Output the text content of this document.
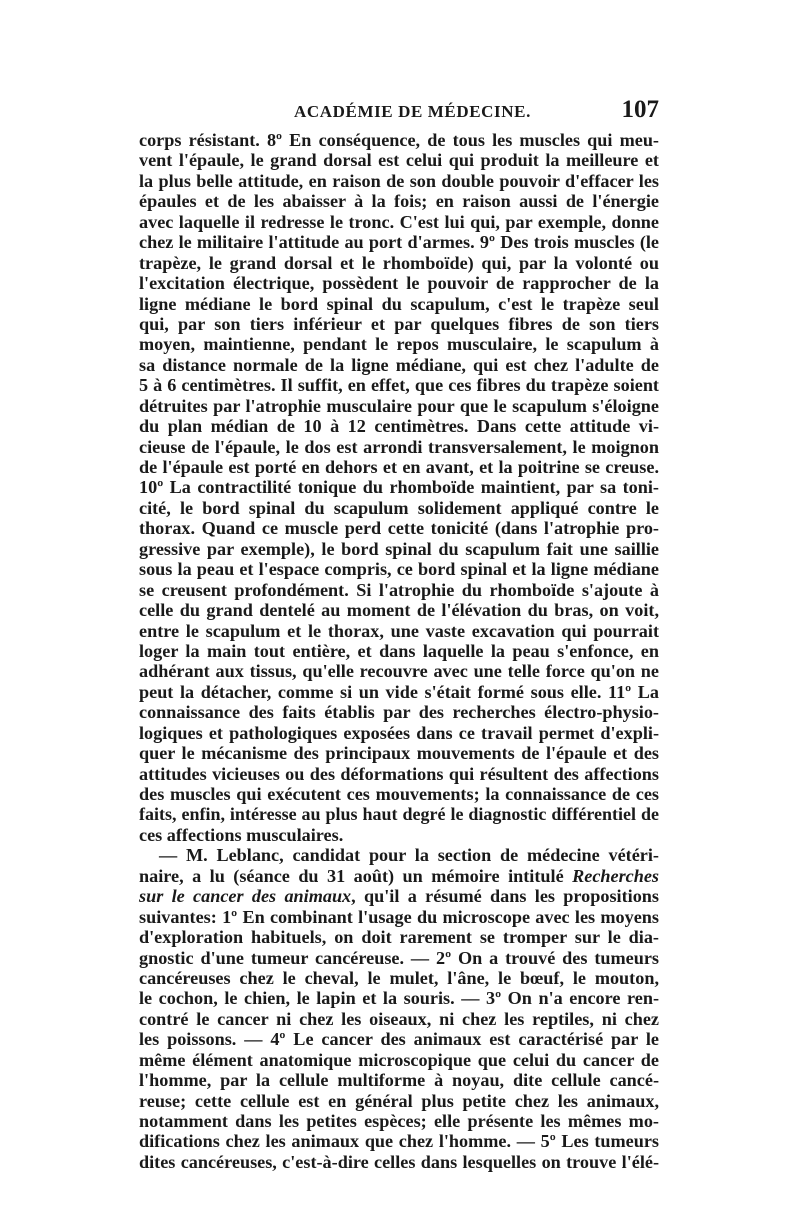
ACADÉMIE DE MÉDECINE.	107
corps résistant. 8º En conséquence, de tous les muscles qui meu-
vent l'épaule, le grand dorsal est celui qui produit la meilleure et
la plus belle attitude, en raison de son double pouvoir d'effacer les
épaules et de les abaisser à la fois; en raison aussi de l'énergie
avec laquelle il redresse le tronc. C'est lui qui, par exemple, donne
chez le militaire l'attitude au port d'armes. 9º Des trois muscles (le
trapèze, le grand dorsal et le rhomboïde) qui, par la volonté ou
l'excitation électrique, possèdent le pouvoir de rapprocher de la
ligne médiane le bord spinal du scapulum, c'est le trapèze seul
qui, par son tiers inférieur et par quelques fibres de son tiers
moyen, maintienne, pendant le repos musculaire, le scapulum à
sa distance normale de la ligne médiane, qui est chez l'adulte de
5 à 6 centimètres. Il suffit, en effet, que ces fibres du trapèze soient
détruites par l'atrophie musculaire pour que le scapulum s'éloigne
du plan médian de 10 à 12 centimètres. Dans cette attitude vi-
cieuse de l'épaule, le dos est arrondi transversalement, le moignon
de l'épaule est porté en dehors et en avant, et la poitrine se creuse.
10º La contractilité tonique du rhomboïde maintient, par sa toni-
cité, le bord spinal du scapulum solidement appliqué contre le
thorax. Quand ce muscle perd cette tonicité (dans l'atrophie pro-
gressive par exemple), le bord spinal du scapulum fait une saillie
sous la peau et l'espace compris, ce bord spinal et la ligne médiane
se creusent profondément. Si l'atrophie du rhomboïde s'ajoute à
celle du grand dentelé au moment de l'élévation du bras, on voit,
entre le scapulum et le thorax, une vaste excavation qui pourrait
loger la main tout entière, et dans laquelle la peau s'enfonce, en
adhérant aux tissus, qu'elle recouvre avec une telle force qu'on ne
peut la détacher, comme si un vide s'était formé sous elle. 11º La
connaissance des faits établis par des recherches électro-physio-
logiques et pathologiques exposées dans ce travail permet d'expli-
quer le mécanisme des principaux mouvements de l'épaule et des
attitudes vicieuses ou des déformations qui résultent des affections
des muscles qui exécutent ces mouvements; la connaissance de ces
faits, enfin, intéresse au plus haut degré le diagnostic différentiel de
ces affections musculaires.
— M. Leblanc, candidat pour la section de médecine vétéri-
naire, a lu (séance du 31 août) un mémoire intitulé Recherches
sur le cancer des animaux, qu'il a résumé dans les propositions
suivantes: 1º En combinant l'usage du microscope avec les moyens
d'exploration habituels, on doit rarement se tromper sur le dia-
gnostic d'une tumeur cancéreuse. — 2º On a trouvé des tumeurs
cancéreuses chez le cheval, le mulet, l'âne, le bœuf, le mouton,
le cochon, le chien, le lapin et la souris. — 3º On n'a encore ren-
contré le cancer ni chez les oiseaux, ni chez les reptiles, ni chez
les poissons. — 4º Le cancer des animaux est caractérisé par le
même élément anatomique microscopique que celui du cancer de
l'homme, par la cellule multiforme à noyau, dite cellule cancé-
reuse; cette cellule est en général plus petite chez les animaux,
notamment dans les petites espèces; elle présente les mêmes mo-
difications chez les animaux que chez l'homme. — 5º Les tumeurs
dites cancéreuses, c'est-à-dire celles dans lesquelles on trouve l'élé-
